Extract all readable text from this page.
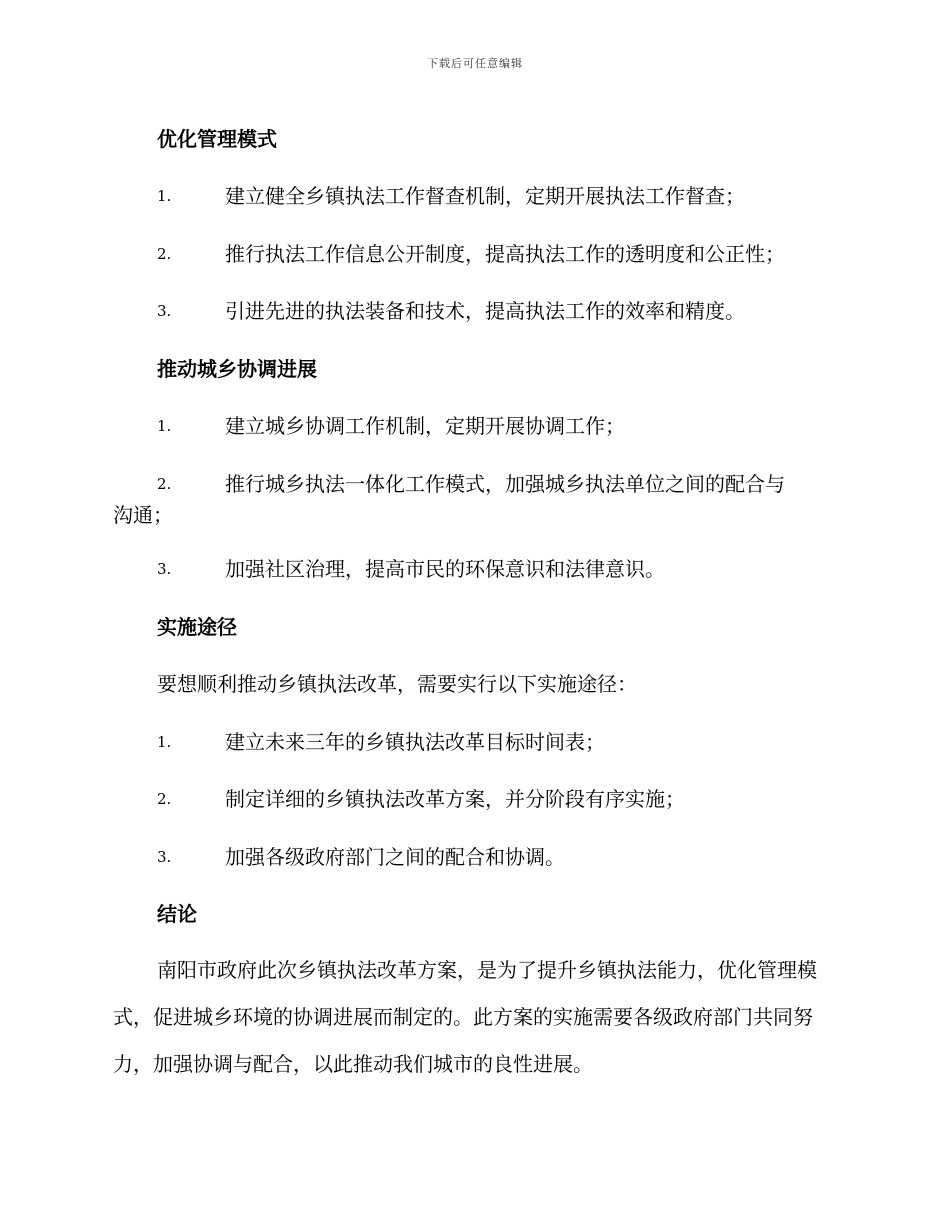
下载后可任意编辑
优化管理模式
1.	建立健全乡镇执法工作督查机制，定期开展执法工作督查；
2.	推行执法工作信息公开制度，提高执法工作的透明度和公正性；
3.	引进先进的执法装备和技术，提高执法工作的效率和精度。
推动城乡协调进展
1.	建立城乡协调工作机制，定期开展协调工作；
2.	推行城乡执法一体化工作模式，加强城乡执法单位之间的配合与
沟通；
3.	加强社区治理，提高市民的环保意识和法律意识。
实施途径
要想顺利推动乡镇执法改革，需要实行以下实施途径：
1.	建立未来三年的乡镇执法改革目标时间表；
2.	制定详细的乡镇执法改革方案，并分阶段有序实施；
3.	加强各级政府部门之间的配合和协调。
结论
南阳市政府此次乡镇执法改革方案，是为了提升乡镇执法能力，优化管理模式，促进城乡环境的协调进展而制定的。此方案的实施需要各级政府部门共同努力，加强协调与配合，以此推动我们城市的良性进展。
